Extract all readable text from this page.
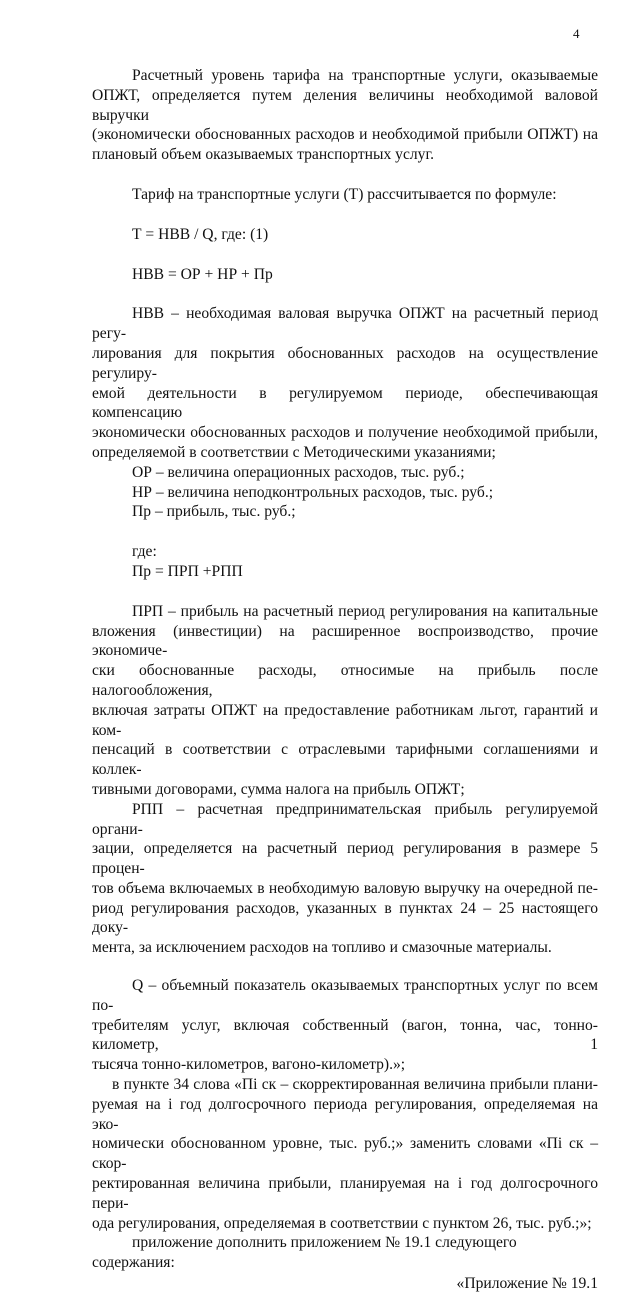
4

Расчетный уровень тарифа на транспортные услуги, оказываемые

ОПЖТ, определяется путем деления величины необходимой валовой выручки

(экономически обоснованных расходов и необходимой прибыли ОПЖТ) на

плановый объем оказываемых транспортных услуг.

Тариф на транспортные услуги (Т) рассчитывается по формуле:

Т = НВВ / Q, где: (1)

НВВ = ОР + НР + Пр

НВВ – необходимая валовая выручка ОПЖТ на расчетный период регу-

лирования для покрытия обоснованных расходов на осуществление регулиру-

емой деятельности в регулируемом периоде, обеспечивающая компенсацию

экономически обоснованных расходов и получение необходимой прибыли,

определяемой в соответствии с Методическими указаниями;

ОР – величина операционных расходов, тыс. руб.;

НР – величина неподконтрольных расходов, тыс. руб.;

Пр – прибыль, тыс. руб.;

где:

Пр = ПРП +РПП

ПРП – прибыль на расчетный период регулирования на капитальные

вложения (инвестиции) на расширенное воспроизводство, прочие экономиче-

ски обоснованные расходы, относимые на прибыль после налогообложения,

включая затраты ОПЖТ на предоставление работникам льгот, гарантий и ком-

пенсаций в соответствии с отраслевыми тарифными соглашениями и коллек-

тивными договорами, сумма налога на прибыль ОПЖТ;

РПП – расчетная предпринимательская прибыль регулируемой органи-

зации, определяется на расчетный период регулирования в размере 5 процен-

тов объема включаемых в необходимую валовую выручку на очередной пе-

риод регулирования расходов, указанных в пунктах 24 – 25 настоящего доку-

мента, за исключением расходов на топливо и смазочные материалы.

Q – объемный показатель оказываемых транспортных услуг по всем по-

требителям услуг, включая собственный (вагон, тонна, час, тонно-километр, 1

тысяча тонно-километров, вагоно-километр).»;

в пункте 34 слова «Пi ск – скорректированная величина прибыли плани-

руемая на i год долгосрочного периода регулирования, определяемая на эко-

номически обоснованном уровне, тыс. руб.;» заменить словами «Пi ск – скор-

ректированная величина прибыли, планируемая на i год долгосрочного пери-

ода регулирования, определяемая в соответствии с пунктом 26, тыс. руб.;»;

приложение дополнить приложением № 19.1 следующего содержания:

«Приложение № 19.1
